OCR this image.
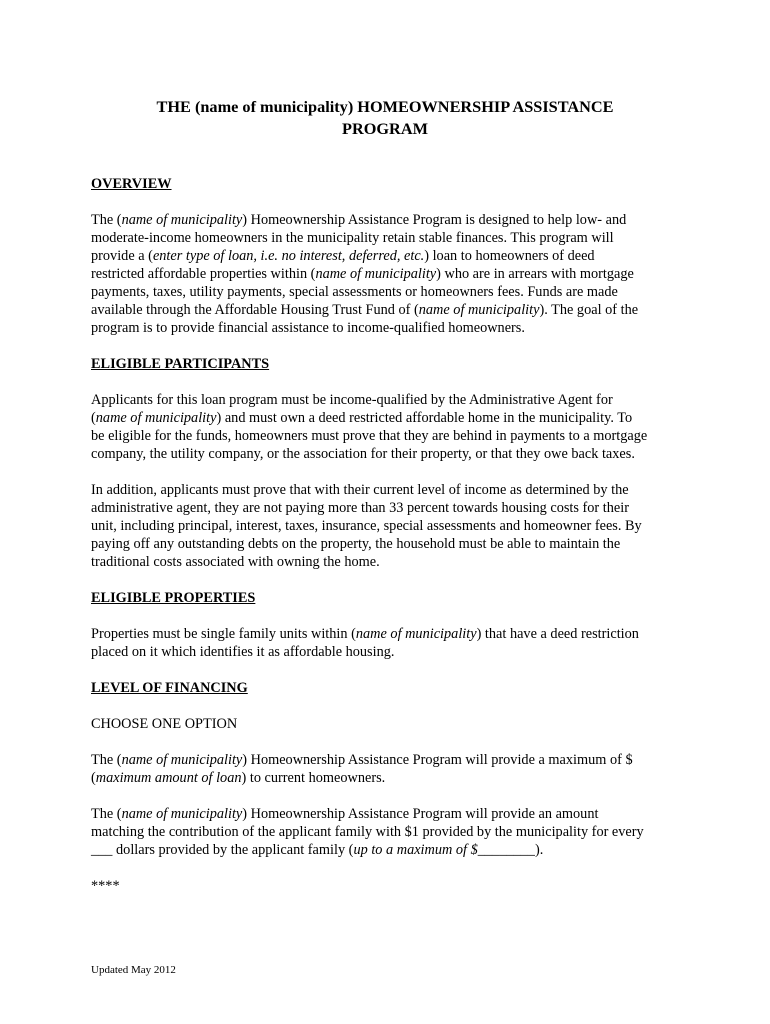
THE (name of municipality) HOMEOWNERSHIP ASSISTANCE
PROGRAM

OVERVIEW

The (name of municipality) Homeownership Assistance Program is designed to help low- and
moderate-income homeowners in the municipality retain stable finances. This program will
provide a (enter type of loan, i.e. no interest, deferred, etc.) loan to homeowners of deed
restricted affordable properties within (name of municipality) who are in arrears with mortgage
payments, taxes, utility payments, special assessments or homeowners fees. Funds are made
available through the Affordable Housing Trust Fund of (name of municipality). The goal of the
program is to provide financial assistance to income-qualified homeowners.

ELIGIBLE PARTICIPANTS

Applicants for this loan program must be income-qualified by the Administrative Agent for
(name of municipality) and must own a deed restricted affordable home in the municipality. To
be eligible for the funds, homeowners must prove that they are behind in payments to a mortgage
company, the utility company, or the association for their property, or that they owe back taxes.

In addition, applicants must prove that with their current level of income as determined by the
administrative agent, they are not paying more than 33 percent towards housing costs for their
unit, including principal, interest, taxes, insurance, special assessments and homeowner fees. By
paying off any outstanding debts on the property, the household must be able to maintain the
traditional costs associated with owning the home.

ELIGIBLE PROPERTIES

Properties must be single family units within (name of municipality) that have a deed restriction
placed on it which identifies it as affordable housing.

LEVEL OF FINANCING

CHOOSE ONE OPTION

The (name of municipality) Homeownership Assistance Program will provide a maximum of $
(maximum amount of loan) to current homeowners.

The (name of municipality) Homeownership Assistance Program will provide an amount
matching the contribution of the applicant family with $1 provided by the municipality for every
___ dollars provided by the applicant family (up to a maximum of $________).

****

Updated May 2012
